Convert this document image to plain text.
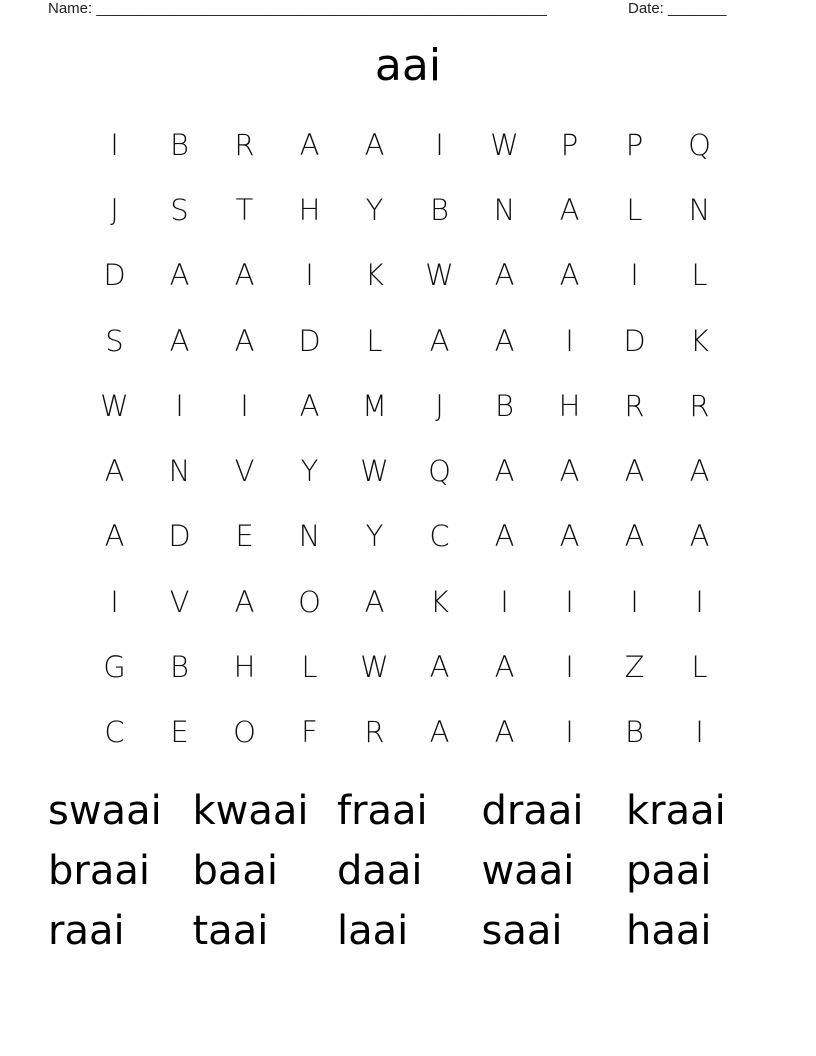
Name: ______________________________________________________	Date: _______
aai
I	B	R	A	A	I	W	P	P	Q
J	S	T	H	Y	B	N	A	L	N
D	A	A	I	K	W	A	A	I	L
S	A	A	D	L	A	A	I	D	K
W	I	I	A	M	J	B	H	R	R
A	N	V	Y	W	Q	A	A	A	A
A	D	E	N	Y	C	A	A	A	A
I	V	A	O	A	K	I	I	I	I
G	B	H	L	W	A	A	I	Z	L
C	E	O	F	R	A	A	I	B	I
swaai kwaai fraai	draai	kraai
braai	baai	daai	waai	paai
raai	taai	laai	saai	haai
